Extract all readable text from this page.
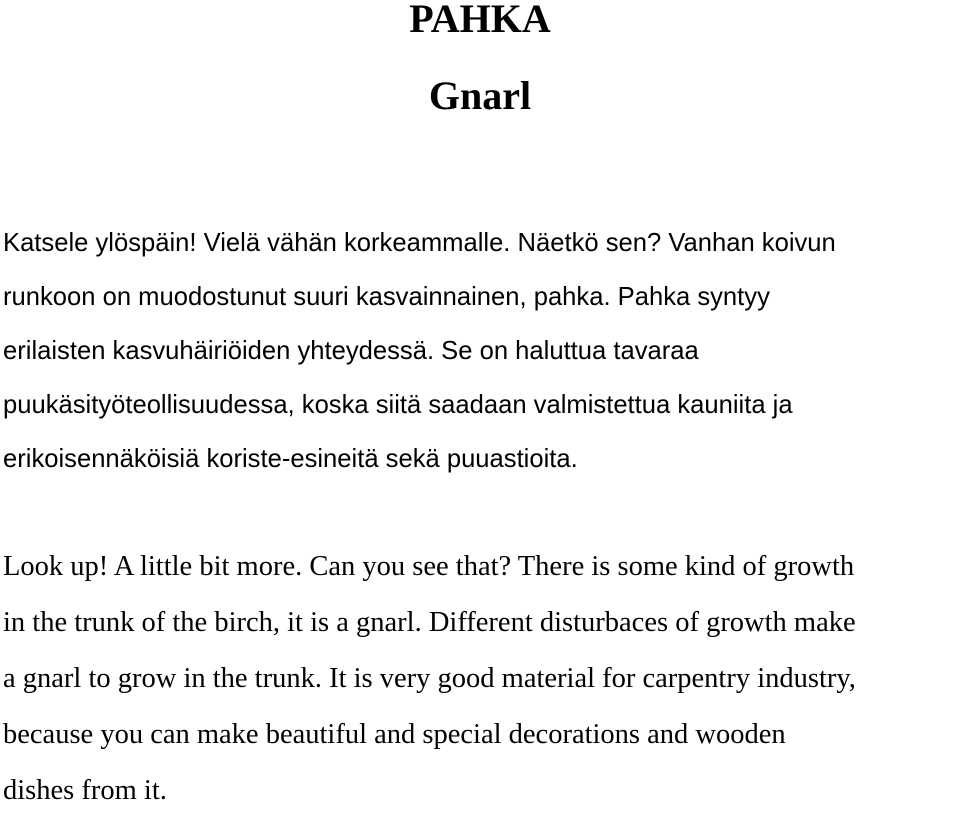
PAHKA
Gnarl

Katsele ylöspäin! Vielä vähän korkeammalle. Näetkö sen? Vanhan koivun
runkoon on muodostunut suuri kasvainnainen, pahka. Pahka syntyy
erilaisten kasvuhäiriöiden yhteydessä. Se on haluttua tavaraa
puukäsityöteollisuudessa, koska siitä saadaan valmistettua kauniita ja
erikoisennäköisiä koriste-esineitä sekä puuastioita.

Look up! A little bit more. Can you see that? There is some kind of growth
in the trunk of the birch, it is a gnarl. Different disturbaces of growth make
a gnarl to grow in the trunk. It is very good material for carpentry industry,
because you can make beautiful and special decorations and wooden
dishes from it.
